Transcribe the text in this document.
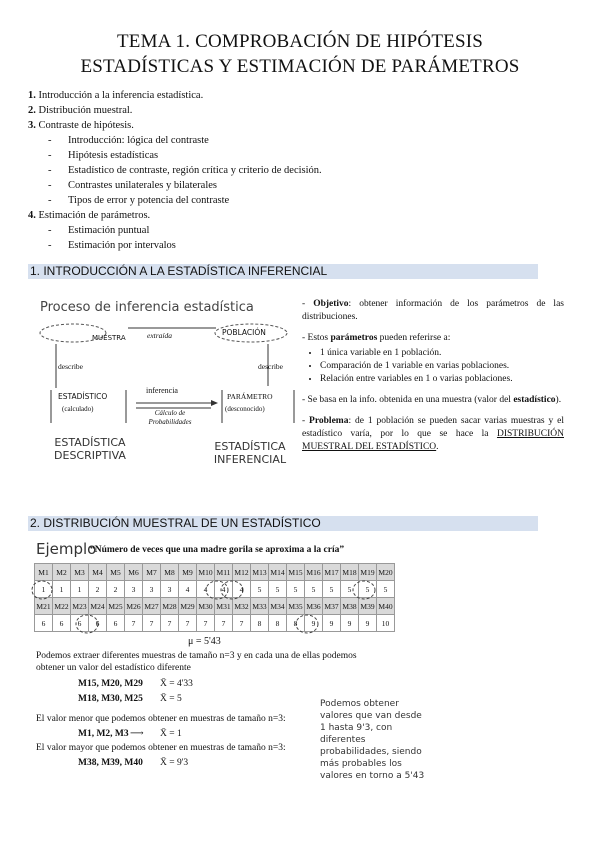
TEMA 1. COMPROBACIÓN DE HIPÓTESIS
ESTADÍSTICAS Y ESTIMACIÓN DE PARÁMETROS
1. Introducción a la inferencia estadística.
2. Distribución muestral.
3. Contraste de hipótesis.
- Introducción: lógica del contraste
- Hipótesis estadísticas
- Estadístico de contraste, región crítica y criterio de decisión.
- Contrastes unilaterales y bilaterales
- Tipos de error y potencia del contraste
4. Estimación de parámetros.
- Estimación puntual
- Estimación por intervalos
1. INTRODUCCIÓN A LA ESTADÍSTICA INFERENCIAL
Proceso de inferencia estadística
MUESTRA	extraída	POBLACIÓN
describe	describe
ESTADÍSTICO
(calculado)
inferencia
Cálculo de Probabilidades
PARÁMETRO
(desconocido)
ESTADÍSTICA DESCRIPTIVA
ESTADÍSTICA INFERENCIAL

- Objetivo: obtener información de los parámetros de las distribuciones.

- Estos parámetros pueden referirse a:

• 1 única variable en 1 población.
• Comparación de 1 variable en varias poblaciones.
• Relación entre variables en 1 o varias poblaciones.

- Se basa en la info. obtenida en una muestra (valor del estadístico).

- Problema: de 1 población se pueden sacar varias muestras y el estadístico varía, por lo que se hace la DISTRIBUCIÓN MUESTRAL DEL ESTADÍSTICO.

2. DISTRIBUCIÓN MUESTRAL DE UN ESTADÍSTICO
Ejemplo
“Número de veces que una madre gorila se aproxima a la cría”
M1	M2	M3	M4	M5	M6	M7	M8	M9	M10	M11	M12	M13	M14	M15	M16	M17	M18	M19	M20
1	1	1	2	2	3	3	3	4	4	4	4	5	5	5	5	5	5	5	5
M21	M22	M23	M24	M25	M26	M27	M28	M29	M30	M31	M32	M33	M34	M35	M36	M37	M38	M39	M40
6	6	6	6	6	7	7	7	7	7	7	7	8	8	8	9	9	9	9	10
μ = 5'43
Podemos extraer diferentes muestras de tamaño n=3 y en cada una de ellas podemos obtener un valor del estadístico diferente
M15, M20, M29 X̄ = 4'33
M18, M30, M25 X̄ = 5
El valor menor que podemos obtener en muestras de tamaño n=3:
M1, M2, M3 ⟶ X̄ = 1
El valor mayor que podemos obtener en muestras de tamaño n=3:
M38, M39, M40 X̄ = 9'3
Podemos obtener valores que van desde 1 hasta 9'3, con diferentes probabilidades, siendo más probables los valores en torno a 5'43
